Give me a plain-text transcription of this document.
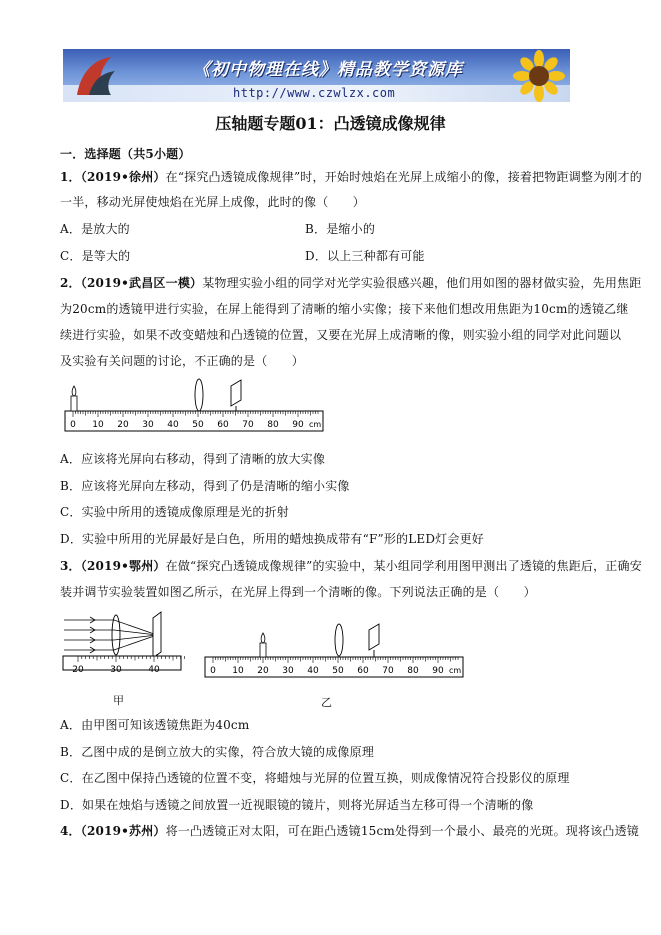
《初中物理在线》精品教学资源库
http://www.czwlzx.com
压轴题专题01：凸透镜成像规律
一．选择题（共5小题）
1．（2019•徐州）在“探究凸透镜成像规律”时，开始时烛焰在光屏上成缩小的像，接着把物距调整为刚才的
一半，移动光屏使烛焰在光屏上成像，此时的像（　　）
A．是放大的	B．是缩小的
C．是等大的	D．以上三种都有可能
2．（2019•武昌区一模）某物理实验小组的同学对光学实验很感兴趣，他们用如图的器材做实验，先用焦距
为20cm的透镜甲进行实验，在屏上能得到了清晰的缩小实像；接下来他们想改用焦距为10cm的透镜乙继
续进行实验，如果不改变蜡烛和凸透镜的位置，又要在光屏上成清晰的像，则实验小组的同学对此问题以
及实验有关问题的讨论，不正确的是（　　）
0 10 20 30 40 50 60 70 80 90 cm
A．应该将光屏向右移动，得到了清晰的放大实像
B．应该将光屏向左移动，得到了仍是清晰的缩小实像
C．实验中所用的透镜成像原理是光的折射
D．实验中所用的光屏最好是白色，所用的蜡烛换成带有“F”形的LED灯会更好
3．（2019•鄂州）在做“探究凸透镜成像规律”的实验中，某小组同学利用图甲测出了透镜的焦距后，正确安
装并调节实验装置如图乙所示，在光屏上得到一个清晰的像。下列说法正确的是（　　）
20	30	40
甲
0 10 20 30 40 50 60 70 80 90 cm
乙
A．由甲图可知该透镜焦距为40cm
B．乙图中成的是倒立放大的实像，符合放大镜的成像原理
C．在乙图中保持凸透镜的位置不变，将蜡烛与光屏的位置互换，则成像情况符合投影仪的原理
D．如果在烛焰与透镜之间放置一近视眼镜的镜片，则将光屏适当左移可得一个清晰的像
4．（2019•苏州）将一凸透镜正对太阳，可在距凸透镜15cm处得到一个最小、最亮的光斑。现将该凸透镜
